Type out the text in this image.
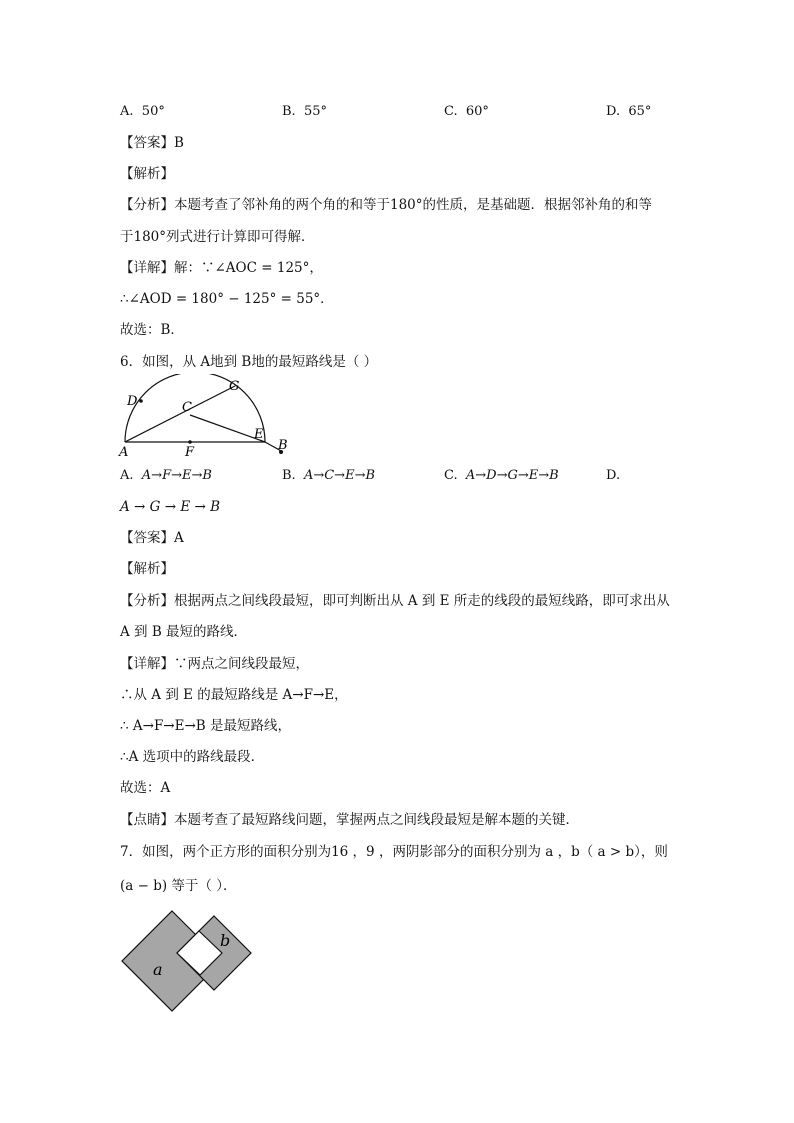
A. 50°	B. 55°	C. 60°	D. 65°
【答案】B
【解析】
【分析】本题考查了邻补角的两个角的和等于180°的性质，是基础题．根据邻补角的和等
于180°列式进行计算即可得解．
【详解】解：∵∠AOC = 125°，
∴∠AOD = 180° − 125° = 55°．
故选：B．
6．如图，从 A地到 B地的最短路线是（ ）
D
G
C
A	F
E
B
A. A→F→E→B	B. A→C→E→B	C. A→D→G→E→B	D.
A → G → E → B
【答案】A
【解析】
【分析】根据两点之间线段最短，即可判断出从 A 到 E 所走的线段的最短线路，即可求出从
A 到 B 最短的路线．
【详解】∵两点之间线段最短，
∴从 A 到 E 的最短路线是 A→F→E，
∴ A→F→E→B 是最短路线，
∴A 选项中的路线最段．
故选：A
【点睛】本题考查了最短路线问题，掌握两点之间线段最短是解本题的关键．
7．如图，两个正方形的面积分别为16 ，9 ，两阴影部分的面积分别为 a ，b（ a > b），则
(a − b) 等于（ ）．
b
a
